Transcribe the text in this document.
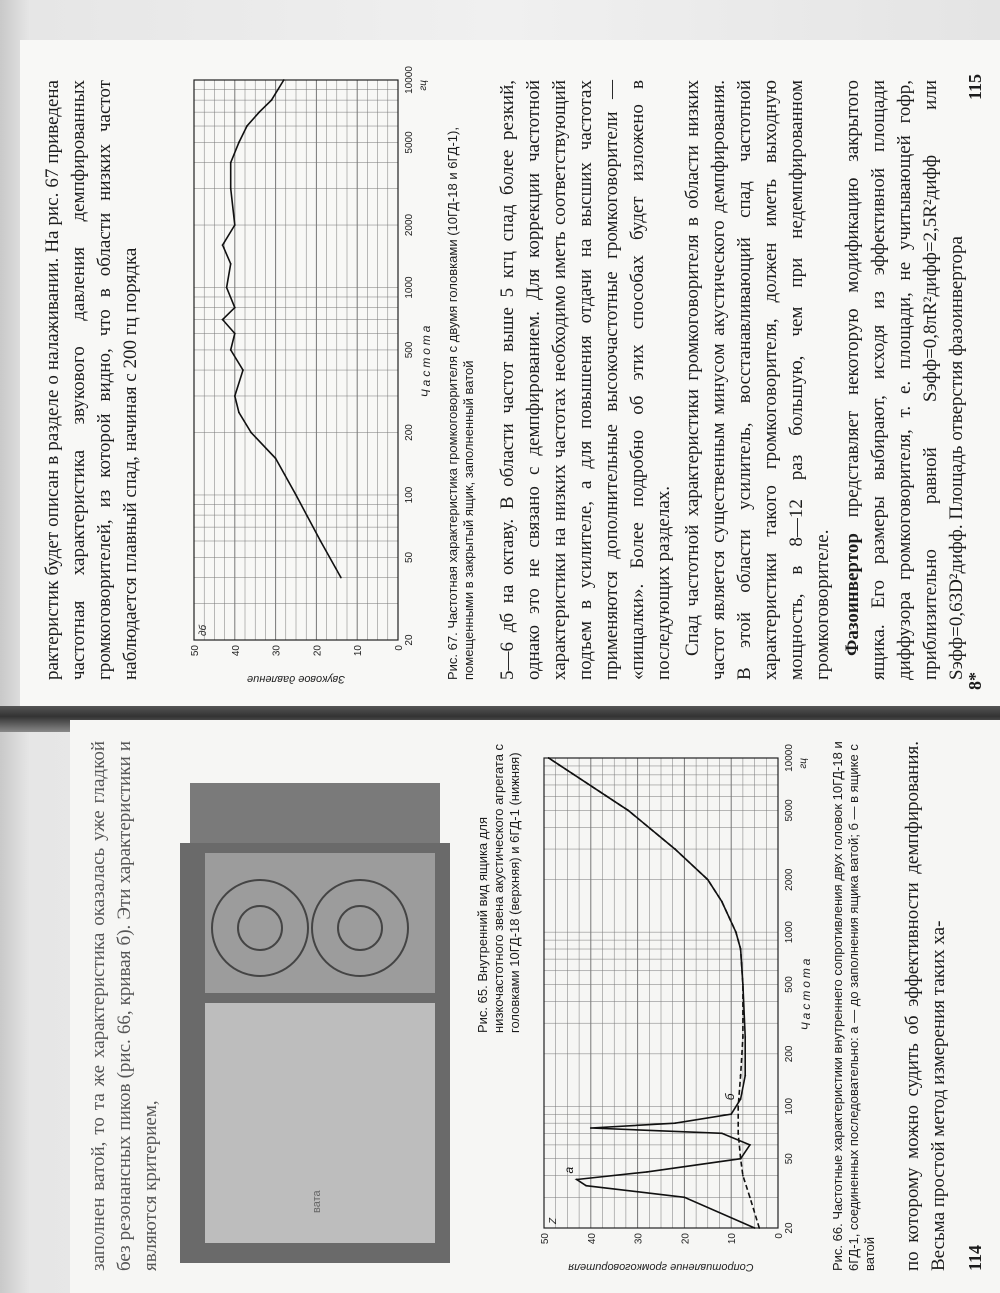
рактеристик будет описан в разделе о налаживании. На рис. 67 приведена частотная характеристика звукового давления демпфированных громкоговорителей, из которой видно, что в области низких частот наблюдается плавный спад, начиная с 200 гц порядка	20
50
100
200
500
1000
2000
5000
10000
0
10
20
30
40
50
Частота
гц
Звуковое давление
дб	Рис. 67. Частотная характеристика громкоговорителя с двумя головками (10ГД-18 и 6ГД-1), помещенными в закрытый ящик, заполненный ватой 5—6 дб на октаву. В области частот выше 5 кгц спад более резкий, однако это не связано с демпфированием. Для коррекции частотной характеристики на низких частотах необходимо иметь соответствующий подъем в усилителе, а для повышения отдачи на высших частотах применяются дополнительные высокочастотные громкоговорители — «пищалки». Более подробно об этих способах будет изложено в последующих разделах. Спад частотной характеристики громкоговорителя в области низких частот является существенным минусом акустического демпфирования. В этой области усилитель, восстанавливающий спад частотной характеристики такого громкоговорителя, должен иметь выходную мощность, в 8—12 раз большую, чем при недемпфированном громкоговорителе. Фазоинвертор представляет некоторую модификацию закрытого ящика. Его размеры выбирают, исходя из эффективной площади диффузора громкоговорителя, т. е. площади, не учитывающей гофр, приблизительно равной Sэфф=0,8πR²дифф=2,5R²дифф или Sэфф=0,63D²дифф. Площадь отверстия фазоинвертора

115
8*

заполнен ватой, то та же характеристика оказалась уже гладкой без резонансных пиков (рис. 66, кривая б). Эти характеристики и являются критерием,	вата

Рис. 65. Внутренний вид ящика для низкочастотного звена акустического агрегата с головками 10ГД-18 (верхняя) и 6ГД-1 (нижняя)

20
50
100
200
500
1000
2000
5000
10000
0
10
20
30
40
50
Частота
гц
Сопротивление громкоговорителя
Z
а
б	Рис. 66. Частотные характеристики внутреннего сопротивления двух головок 10ГД-18 и 6ГД-1, соединенных последовательно: а — до заполнения ящика ватой; б — в ящике с ватой по которому можно судить об эффективности демпфирования. Весьма простой метод измерения таких ха- 114
